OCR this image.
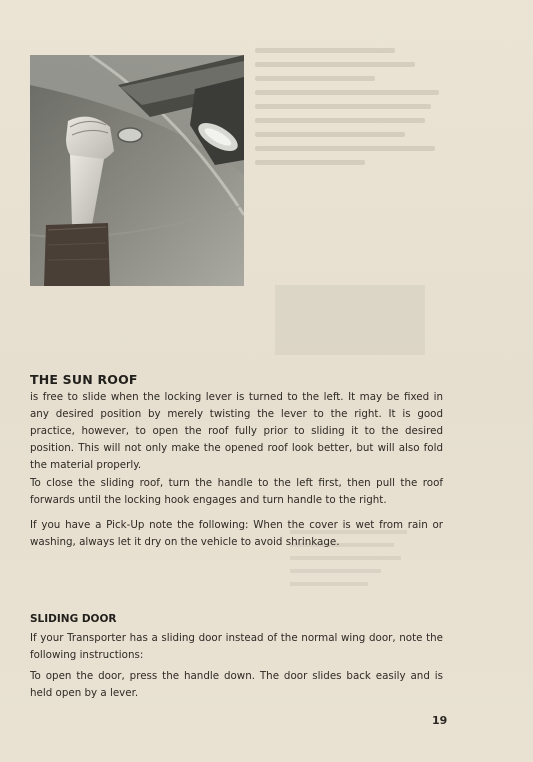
THE SUN ROOF

is free to slide when the locking lever is turned to the left. It may be fixed in any desired position by merely twisting the lever to the right. It is good practice, however, to open the roof fully prior to sliding it to the desired position. This will not only make the opened roof look better, but will also fold the material properly.

To close the sliding roof, turn the handle to the left first, then pull the roof forwards until the locking hook engages and turn handle to the right.

If you have a Pick-Up note the following: When the cover is wet from rain or washing, always let it dry on the vehicle to avoid shrinkage.

SLIDING DOOR

If your Transporter has a sliding door instead of the normal wing door, note the following instructions:

To open the door, press the handle down. The door slides back easily and is held open by a lever.

19
